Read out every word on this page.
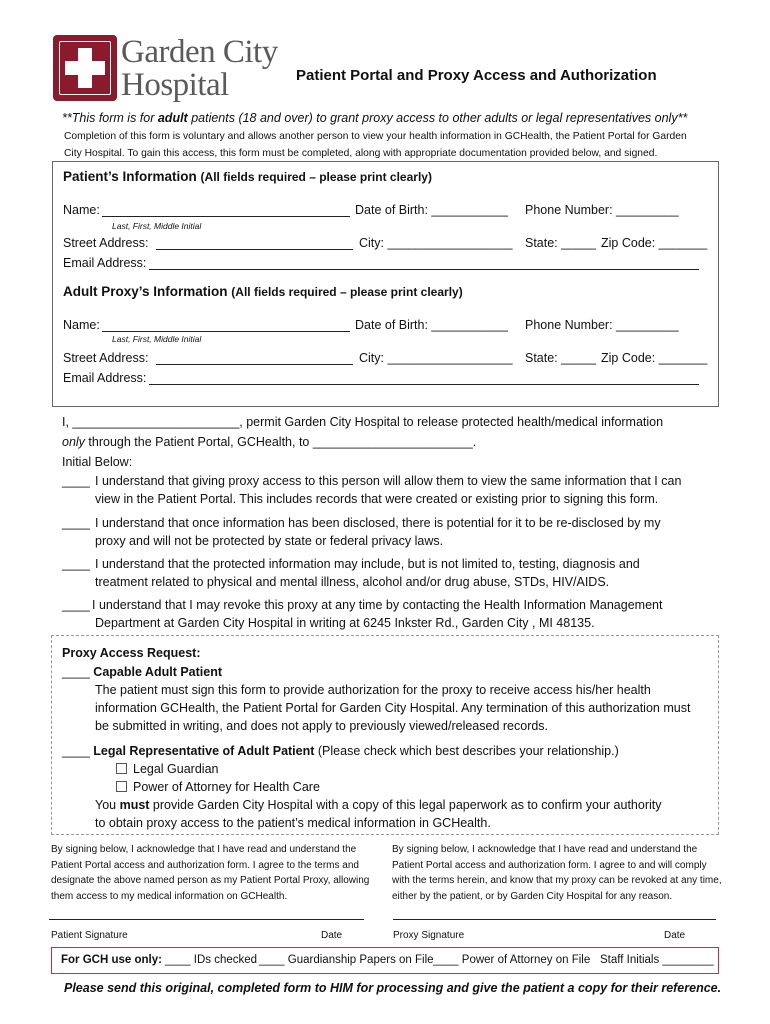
Garden City
Hospital	Patient Portal and Proxy Access and Authorization
**This form is for adult patients (18 and over) to grant proxy access to other adults or legal representatives only**
Completion of this form is voluntary and allows another person to view your health information in GCHealth, the Patient Portal for Garden
City Hospital. To gain this access, this form must be completed, along with appropriate documentation provided below, and signed.
Patient’s Information (All fields required – please print clearly)
Name:
Last, First, Middle Initial
Date of Birth: ___________ Phone Number: _________
Street Address:	City: __________________ State: _____ Zip Code: _______
Email Address:
Adult Proxy’s Information (All fields required – please print clearly)
Name:
Last, First, Middle Initial
Date of Birth: ___________ Phone Number: _________
Street Address:	City: __________________ State: _____ Zip Code: _______
Email Address:
I, ________________________, permit Garden City Hospital to release protected health/medical information
only through the Patient Portal, GCHealth, to _______________________.
Initial Below:
____ I understand that giving proxy access to this person will allow them to view the same information that I can
view in the Patient Portal. This includes records that were created or existing prior to signing this form.
____ I understand that once information has been disclosed, there is potential for it to be re-disclosed by my
proxy and will not be protected by state or federal privacy laws.
____ I understand that the protected information may include, but is not limited to, testing, diagnosis and
treatment related to physical and mental illness, alcohol and/or drug abuse, STDs, HIV/AIDS.
____ I understand that I may revoke this proxy at any time by contacting the Health Information Management
Department at Garden City Hospital in writing at 6245 Inkster Rd., Garden City , MI 48135.
Proxy Access Request:
____ Capable Adult Patient
The patient must sign this form to provide authorization for the proxy to receive access his/her health
information GCHealth, the Patient Portal for Garden City Hospital. Any termination of this authorization must
be submitted in writing, and does not apply to previously viewed/released records.
____ Legal Representative of Adult Patient (Please check which best describes your relationship.)
Legal Guardian
Power of Attorney for Health Care
You must provide Garden City Hospital with a copy of this legal paperwork as to confirm your authority
to obtain proxy access to the patient’s medical information in GCHealth.
By signing below, I acknowledge that I have read and understand the Patient Portal access and authorization form. I agree to the terms and designate the above named person as my Patient Portal Proxy, allowing them access to my medical information on GCHealth.
By signing below, I acknowledge that I have read and understand the Patient Portal access and authorization form. I agree to and will comply with the terms herein, and know that my proxy can be revoked at any time, either by the patient, or by Garden City Hospital for any reason.
Patient Signature	Date	Proxy Signature	Date
For GCH use only: ____ IDs checked ____ Guardianship Papers on File ____ Power of Attorney on File Staff Initials ________
Please send this original, completed form to HIM for processing and give the patient a copy for their reference.
